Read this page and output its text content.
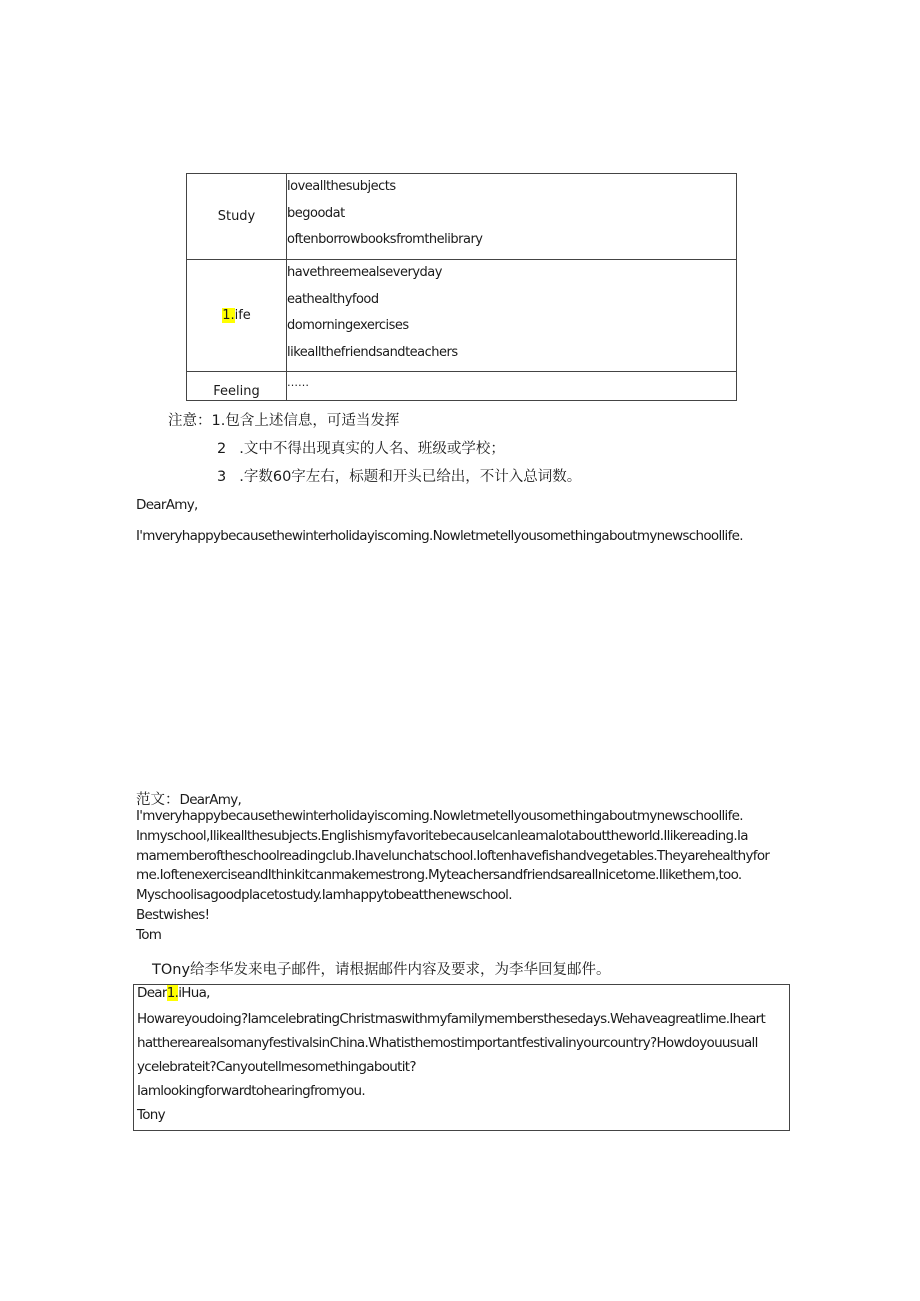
Study	loveallthesubjects
begoodat
oftenborrowbooksfromthelibrary

1.ife	havethreemealseveryday
eathealthyfood
domorningexercises
likeallthefriendsandteachers

Feeling	……
注意：1.包含上述信息，可适当发挥
2 .文中不得出现真实的人名、班级或学校；
3 .字数60字左右，标题和开头已给出，不计入总词数。
DearAmy,
I'mveryhappybecausethewinterholidayiscoming.Nowletmetellyousomethingaboutmynewschoollife.
范文：DearAmy,
I'mveryhappybecausethewinterholidayiscoming.Nowletmetellyousomethingaboutmynewschoollife.
Inmyschool,Ilikeallthesubjects.Englishismyfavoritebecauselcanleamalotabouttheworld.Ilikereading.Ia
mamemberoftheschoolreadingclub.Ihavelunchatschool.Ioftenhavefishandvegetables.Theyarehealthyfor
me.IoftenexerciseandIthinkitcanmakemestrong.Myteachersandfriendsareallnicetome.Ilikethem,too.
Myschoolisagoodplacetostudy.Iamhappytobeatthenewschool.
Bestwishes!
Tom
TOny给李华发来电子邮件，请根据邮件内容及要求，为李华回复邮件。
Dear1.iHua,
Howareyoudoing?IamcelebratingChristmaswithmyfamilymembersthesedays.Wehaveagreatlime.Iheart
hattherearealsomanyfestivalsinChina.Whatisthemostimportantfestivalinyourcountry?Howdoyouusuall
ycelebrateit?Canyoutellmesomethingaboutit?
Iamlookingforwardtohearingfromyou.
Tony
